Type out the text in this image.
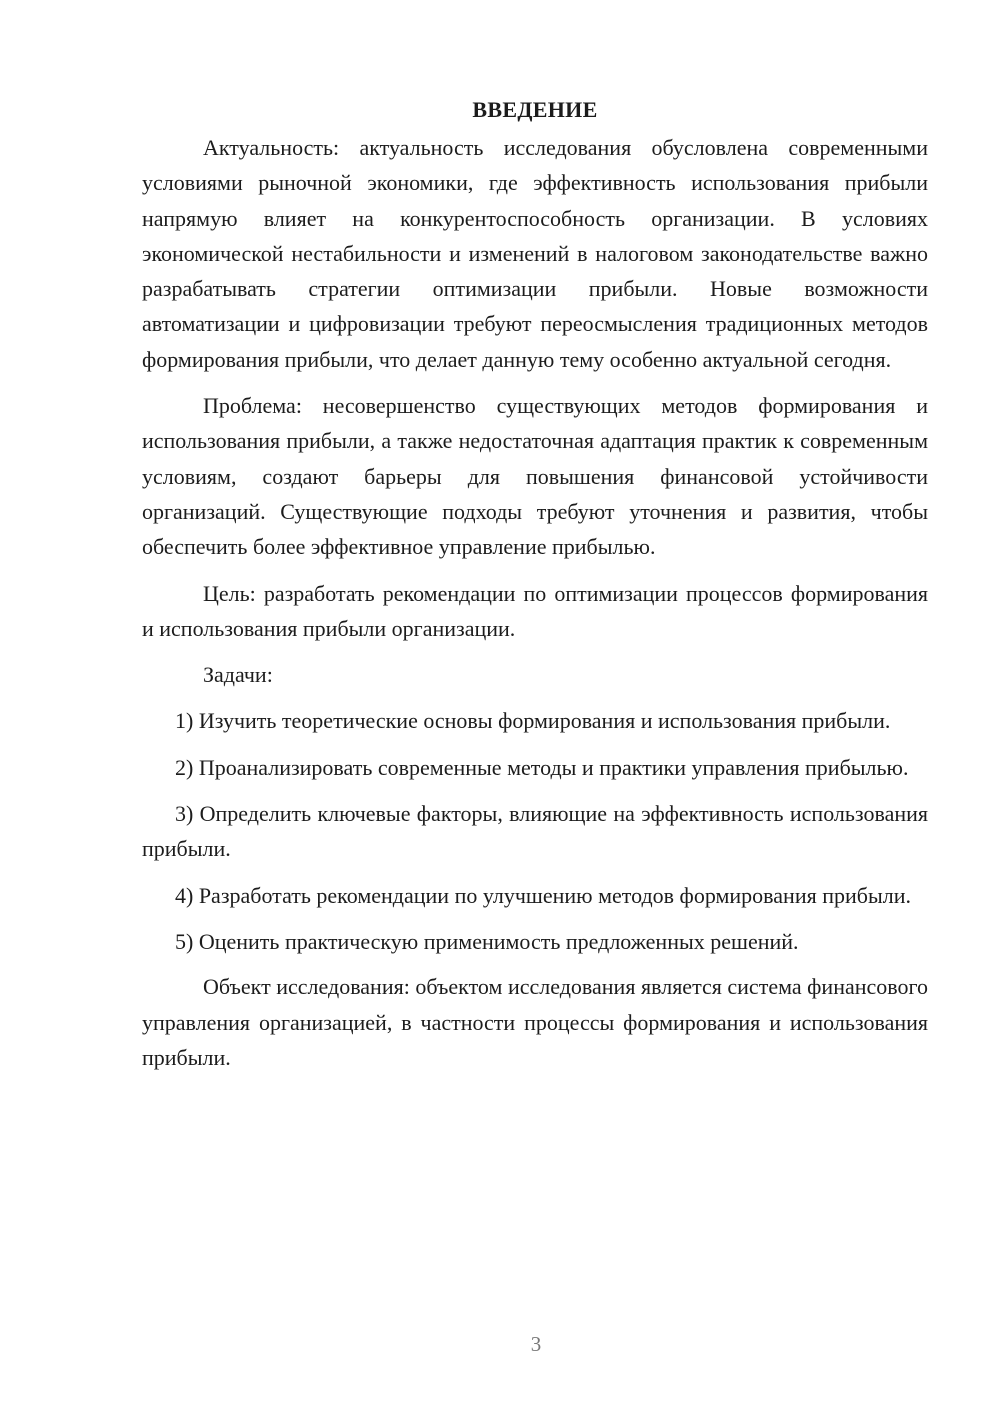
ВВЕДЕНИЕ

Актуальность: актуальность исследования обусловлена современными условиями рыночной экономики, где эффективность использования прибыли напрямую влияет на конкурентоспособность организации. В условиях экономической нестабильности и изменений в налоговом законодательстве важно разрабатывать стратегии оптимизации прибыли. Новые возможности автоматизации и цифровизации требуют переосмысления традиционных методов формирования прибыли, что делает данную тему особенно актуальной сегодня.

Проблема: несовершенство существующих методов формирования и использования прибыли, а также недостаточная адаптация практик к современным условиям, создают барьеры для повышения финансовой устойчивости организаций. Существующие подходы требуют уточнения и развития, чтобы обеспечить более эффективное управление прибылью.

Цель: разработать рекомендации по оптимизации процессов формирования и использования прибыли организации.

Задачи:

1) Изучить теоретические основы формирования и использования прибыли.

2) Проанализировать современные методы и практики управления прибылью.

3) Определить ключевые факторы, влияющие на эффективность использования прибыли.

4) Разработать рекомендации по улучшению методов формирования прибыли.

5) Оценить практическую применимость предложенных решений.

Объект исследования: объектом исследования является система финансового управления организацией, в частности процессы формирования и использования прибыли.

3
